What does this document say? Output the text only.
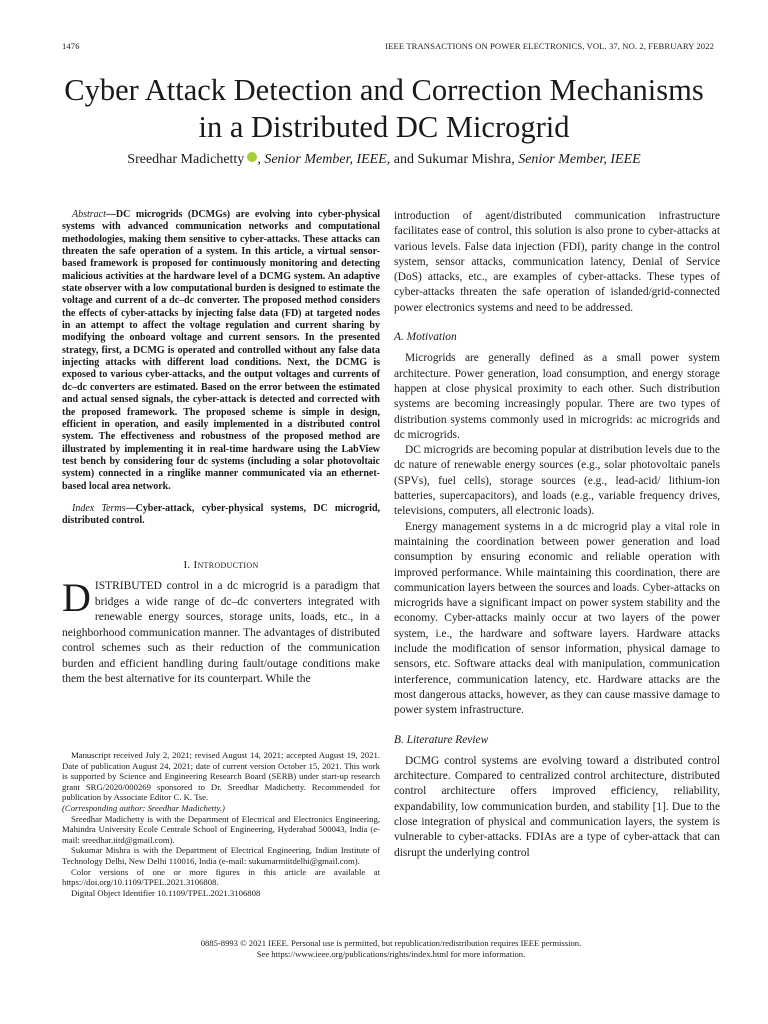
1476	IEEE TRANSACTIONS ON POWER ELECTRONICS, VOL. 37, NO. 2, FEBRUARY 2022
Cyber Attack Detection and Correction Mechanisms
in a Distributed DC Microgrid
Sreedhar Madichetty , Senior Member, IEEE, and Sukumar Mishra, Senior Member, IEEE

Abstract—DC microgrids (DCMGs) are evolving into cyber-physical systems with advanced communication networks and computational methodologies, making them sensitive to cyber-attacks. These attacks can threaten the safe operation of a system. In this article, a virtual sensor-based framework is proposed for continuously monitoring and detecting malicious activities at the hardware level of a DCMG system. An adaptive state observer with a low computational burden is designed to estimate the voltage and current of a dc–dc converter. The proposed method considers the effects of cyber-attacks by injecting false data (FD) at targeted nodes in an attempt to affect the voltage regulation and current sharing by modifying the onboard voltage and current sensors. In the presented strategy, first, a DCMG is operated and controlled without any false data injecting attacks with different load conditions. Next, the DCMG is exposed to various cyber-attacks, and the output voltages and currents of dc–dc converters are estimated. Based on the error between the estimated and actual sensed signals, the cyber-attack is detected and corrected with the proposed framework. The proposed scheme is simple in design, efficient in operation, and easily implemented in a distributed control system. The effectiveness and robustness of the proposed method are illustrated by implementing it in real-time hardware using the LabView test bench by considering four dc systems (including a solar photovoltaic system) connected in a ringlike manner communicated via an ethernet-based local area network.

Index Terms—Cyber-attack, cyber-physical systems, DC microgrid, distributed control.

I. Introduction

DISTRIBUTED control in a dc microgrid is a paradigm that bridges a wide range of dc–dc converters integrated with renewable energy sources, storage units, loads, etc., in a neighborhood communication manner. The advantages of distributed control schemes such as their reduction of the communication burden and efficient handling during fault/outage conditions make them the best alternative for its counterpart. While the

Manuscript received July 2, 2021; revised August 14, 2021; accepted August 19, 2021. Date of publication August 24, 2021; date of current version October 15, 2021. This work is supported by Science and Engineering Research Board (SERB) under start-up research grant SRG/2020/000269 sponsored to Dr. Sreedhar Madichetty. Recommended for publication by Associate Editor C. K. Tse.

(Corresponding author: Sreedhar Madichetty.)

Sreedhar Madichetty is with the Department of Electrical and Electronics Engineering, Mahindra University Ecole Centrale School of Engineering, Hyderabad 500043, India (e-mail: sreedhar.iitd@gmail.com).

Sukumar Mishra is with the Department of Electrical Engineering, Indian Institute of Technology Delhi, New Delhi 110016, India (e-mail: sukumarmiitdelhi@gmail.com).

Color versions of one or more figures in this article are available at https://doi.org/10.1109/TPEL.2021.3106808.

Digital Object Identifier 10.1109/TPEL.2021.3106808

introduction of agent/distributed communication infrastructure facilitates ease of control, this solution is also prone to cyber-attacks at various levels. False data injection (FDI), parity change in the control system, sensor attacks, communication latency, Denial of Service (DoS) attacks, etc., are examples of cyber-attacks. These types of cyber-attacks threaten the safe operation of islanded/grid-connected power electronics systems and need to be addressed.

A. Motivation

Microgrids are generally defined as a small power system architecture. Power generation, load consumption, and energy storage happen at close physical proximity to each other. Such distribution systems are becoming increasingly popular. There are two types of distribution systems commonly used in microgrids: ac microgrids and dc microgrids.

DC microgrids are becoming popular at distribution levels due to the dc nature of renewable energy sources (e.g., solar photovoltaic panels (SPVs), fuel cells), storage sources (e.g., lead-acid/ lithium-ion batteries, supercapacitors), and loads (e.g., variable frequency drives, televisions, computers, all electronic loads).

Energy management systems in a dc microgrid play a vital role in maintaining the coordination between power generation and load consumption by ensuring economic and reliable operation with improved performance. While maintaining this coordination, there are communication layers between the sources and loads. Cyber-attacks on microgrids have a significant impact on power system stability and the economy. Cyber-attacks mainly occur at two layers of the power system, i.e., the hardware and software layers. Hardware attacks include the modification of sensor information, physical damage to sensors, etc. Software attacks deal with manipulation, communication interference, communication latency, etc. Hardware attacks are the most dangerous attacks, however, as they can cause massive damage to power system infrastructure.

B. Literature Review

DCMG control systems are evolving toward a distributed control architecture. Compared to centralized control architecture, distributed control architecture offers improved efficiency, reliability, expandability, low communication burden, and stability [1]. Due to the close integration of physical and communication layers, the system is vulnerable to cyber-attacks. FDIAs are a type of cyber-attack that can disrupt the underlying control

0885-8993 © 2021 IEEE. Personal use is permitted, but republication/redistribution requires IEEE permission.
See https://www.ieee.org/publications/rights/index.html for more information.
